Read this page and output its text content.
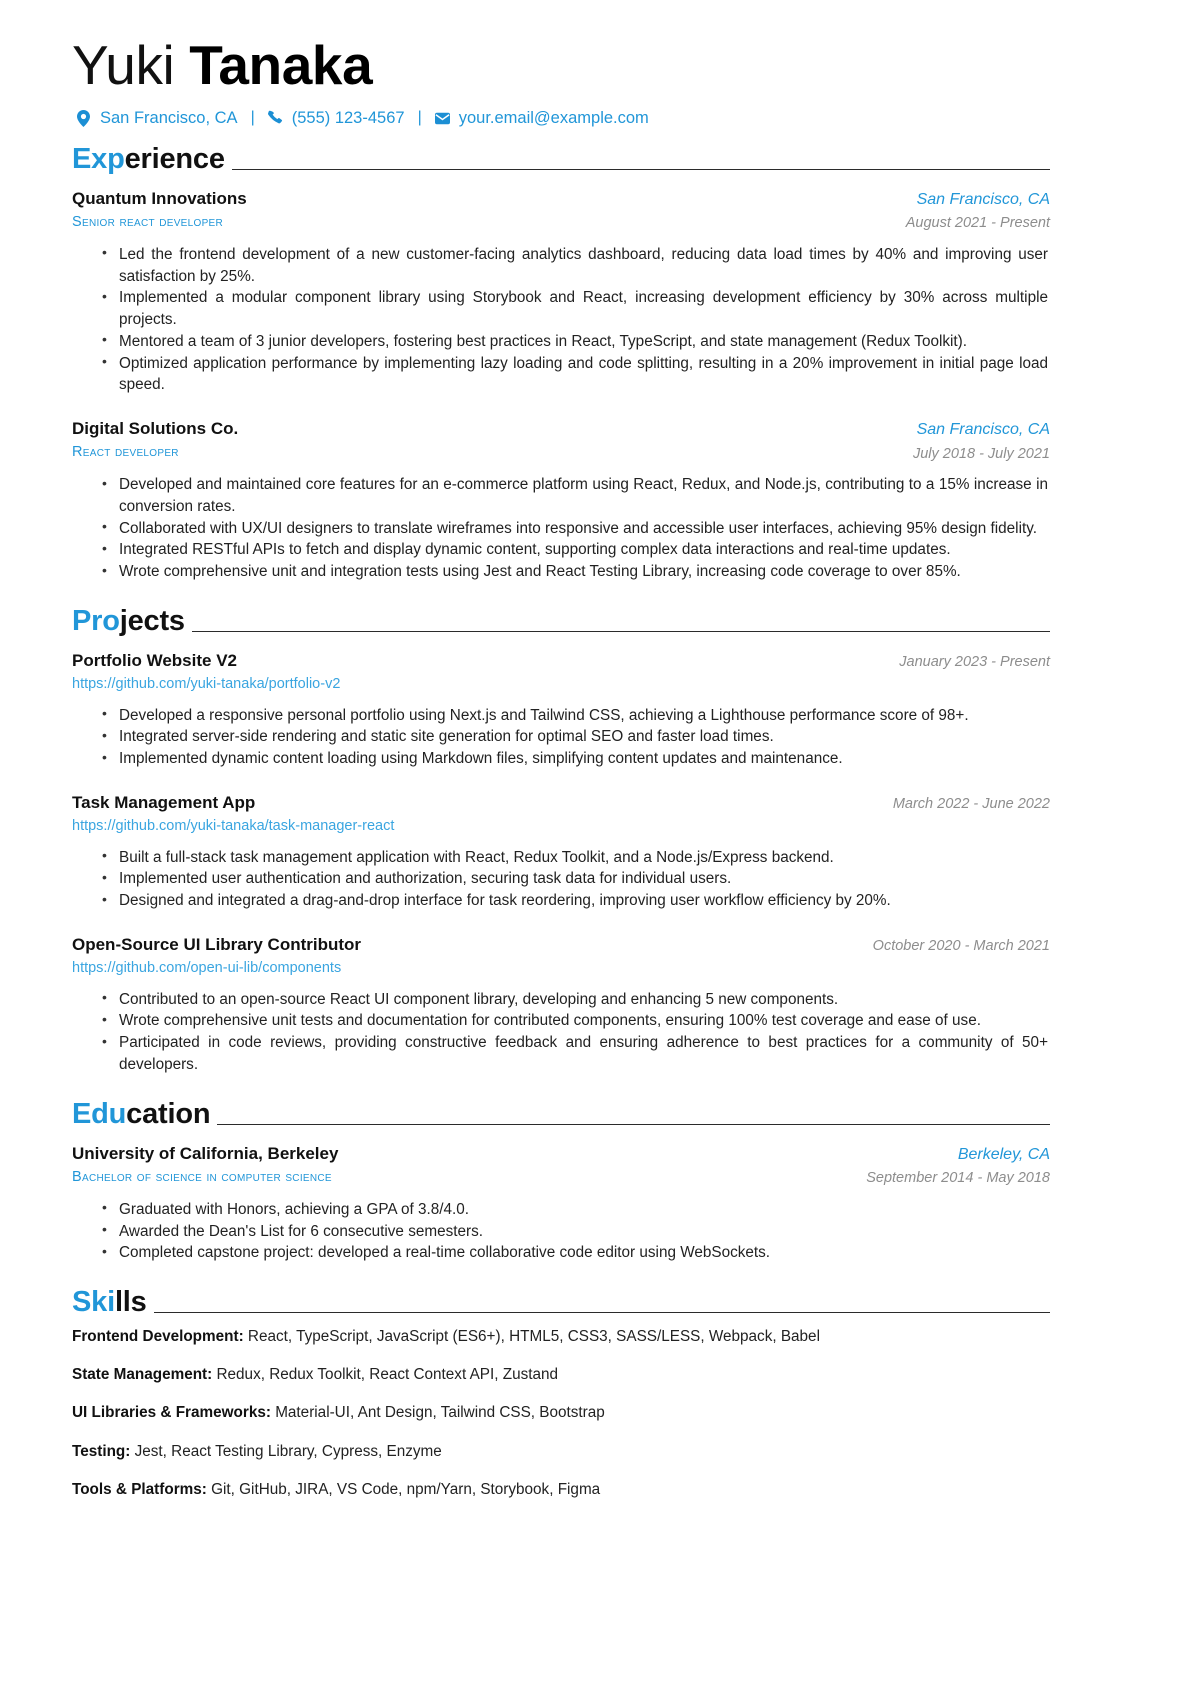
Yuki Tanaka
San Francisco, CA |	(555) 123-4567 |	your.email@example.com
Experience
Quantum Innovations
Senior react developer
San Francisco, CA
August 2021 - Present
• Led the frontend development of a new customer-facing analytics dashboard, reducing data load times by 40% and improving user satisfaction by 25%.
• Implemented a modular component library using Storybook and React, increasing development efficiency by 30% across multiple projects.
• Mentored a team of 3 junior developers, fostering best practices in React, TypeScript, and state management (Redux Toolkit).
• Optimized application performance by implementing lazy loading and code splitting, resulting in a 20% improvement in initial page load speed.
Digital Solutions Co.
React developer
San Francisco, CA
July 2018 - July 2021
• Developed and maintained core features for an e-commerce platform using React, Redux, and Node.js, contributing to a 15% increase in conversion rates.
• Collaborated with UX/UI designers to translate wireframes into responsive and accessible user interfaces, achieving 95% design fidelity.
• Integrated RESTful APIs to fetch and display dynamic content, supporting complex data interactions and real-time updates.
• Wrote comprehensive unit and integration tests using Jest and React Testing Library, increasing code coverage to over 85%.
Projects
Portfolio Website V2
https://github.com/yuki-tanaka/portfolio-v2
January 2023 - Present
• Developed a responsive personal portfolio using Next.js and Tailwind CSS, achieving a Lighthouse performance score of 98+.
• Integrated server-side rendering and static site generation for optimal SEO and faster load times.
• Implemented dynamic content loading using Markdown files, simplifying content updates and maintenance.
Task Management App
https://github.com/yuki-tanaka/task-manager-react
March 2022 - June 2022
• Built a full-stack task management application with React, Redux Toolkit, and a Node.js/Express backend.
• Implemented user authentication and authorization, securing task data for individual users.
• Designed and integrated a drag-and-drop interface for task reordering, improving user workflow efficiency by 20%.
Open-Source UI Library Contributor
https://github.com/open-ui-lib/components
October 2020 - March 2021
• Contributed to an open-source React UI component library, developing and enhancing 5 new components.
• Wrote comprehensive unit tests and documentation for contributed components, ensuring 100% test coverage and ease of use.
• Participated in code reviews, providing constructive feedback and ensuring adherence to best practices for a community of 50+ developers.
Education
University of California, Berkeley
Bachelor of science in computer science
Berkeley, CA
September 2014 - May 2018
• Graduated with Honors, achieving a GPA of 3.8/4.0.
• Awarded the Dean's List for 6 consecutive semesters.
• Completed capstone project: developed a real-time collaborative code editor using WebSockets.
Skills
Frontend Development: React, TypeScript, JavaScript (ES6+), HTML5, CSS3, SASS/LESS, Webpack, Babel
State Management: Redux, Redux Toolkit, React Context API, Zustand
UI Libraries & Frameworks: Material-UI, Ant Design, Tailwind CSS, Bootstrap
Testing: Jest, React Testing Library, Cypress, Enzyme
Tools & Platforms: Git, GitHub, JIRA, VS Code, npm/Yarn, Storybook, Figma
